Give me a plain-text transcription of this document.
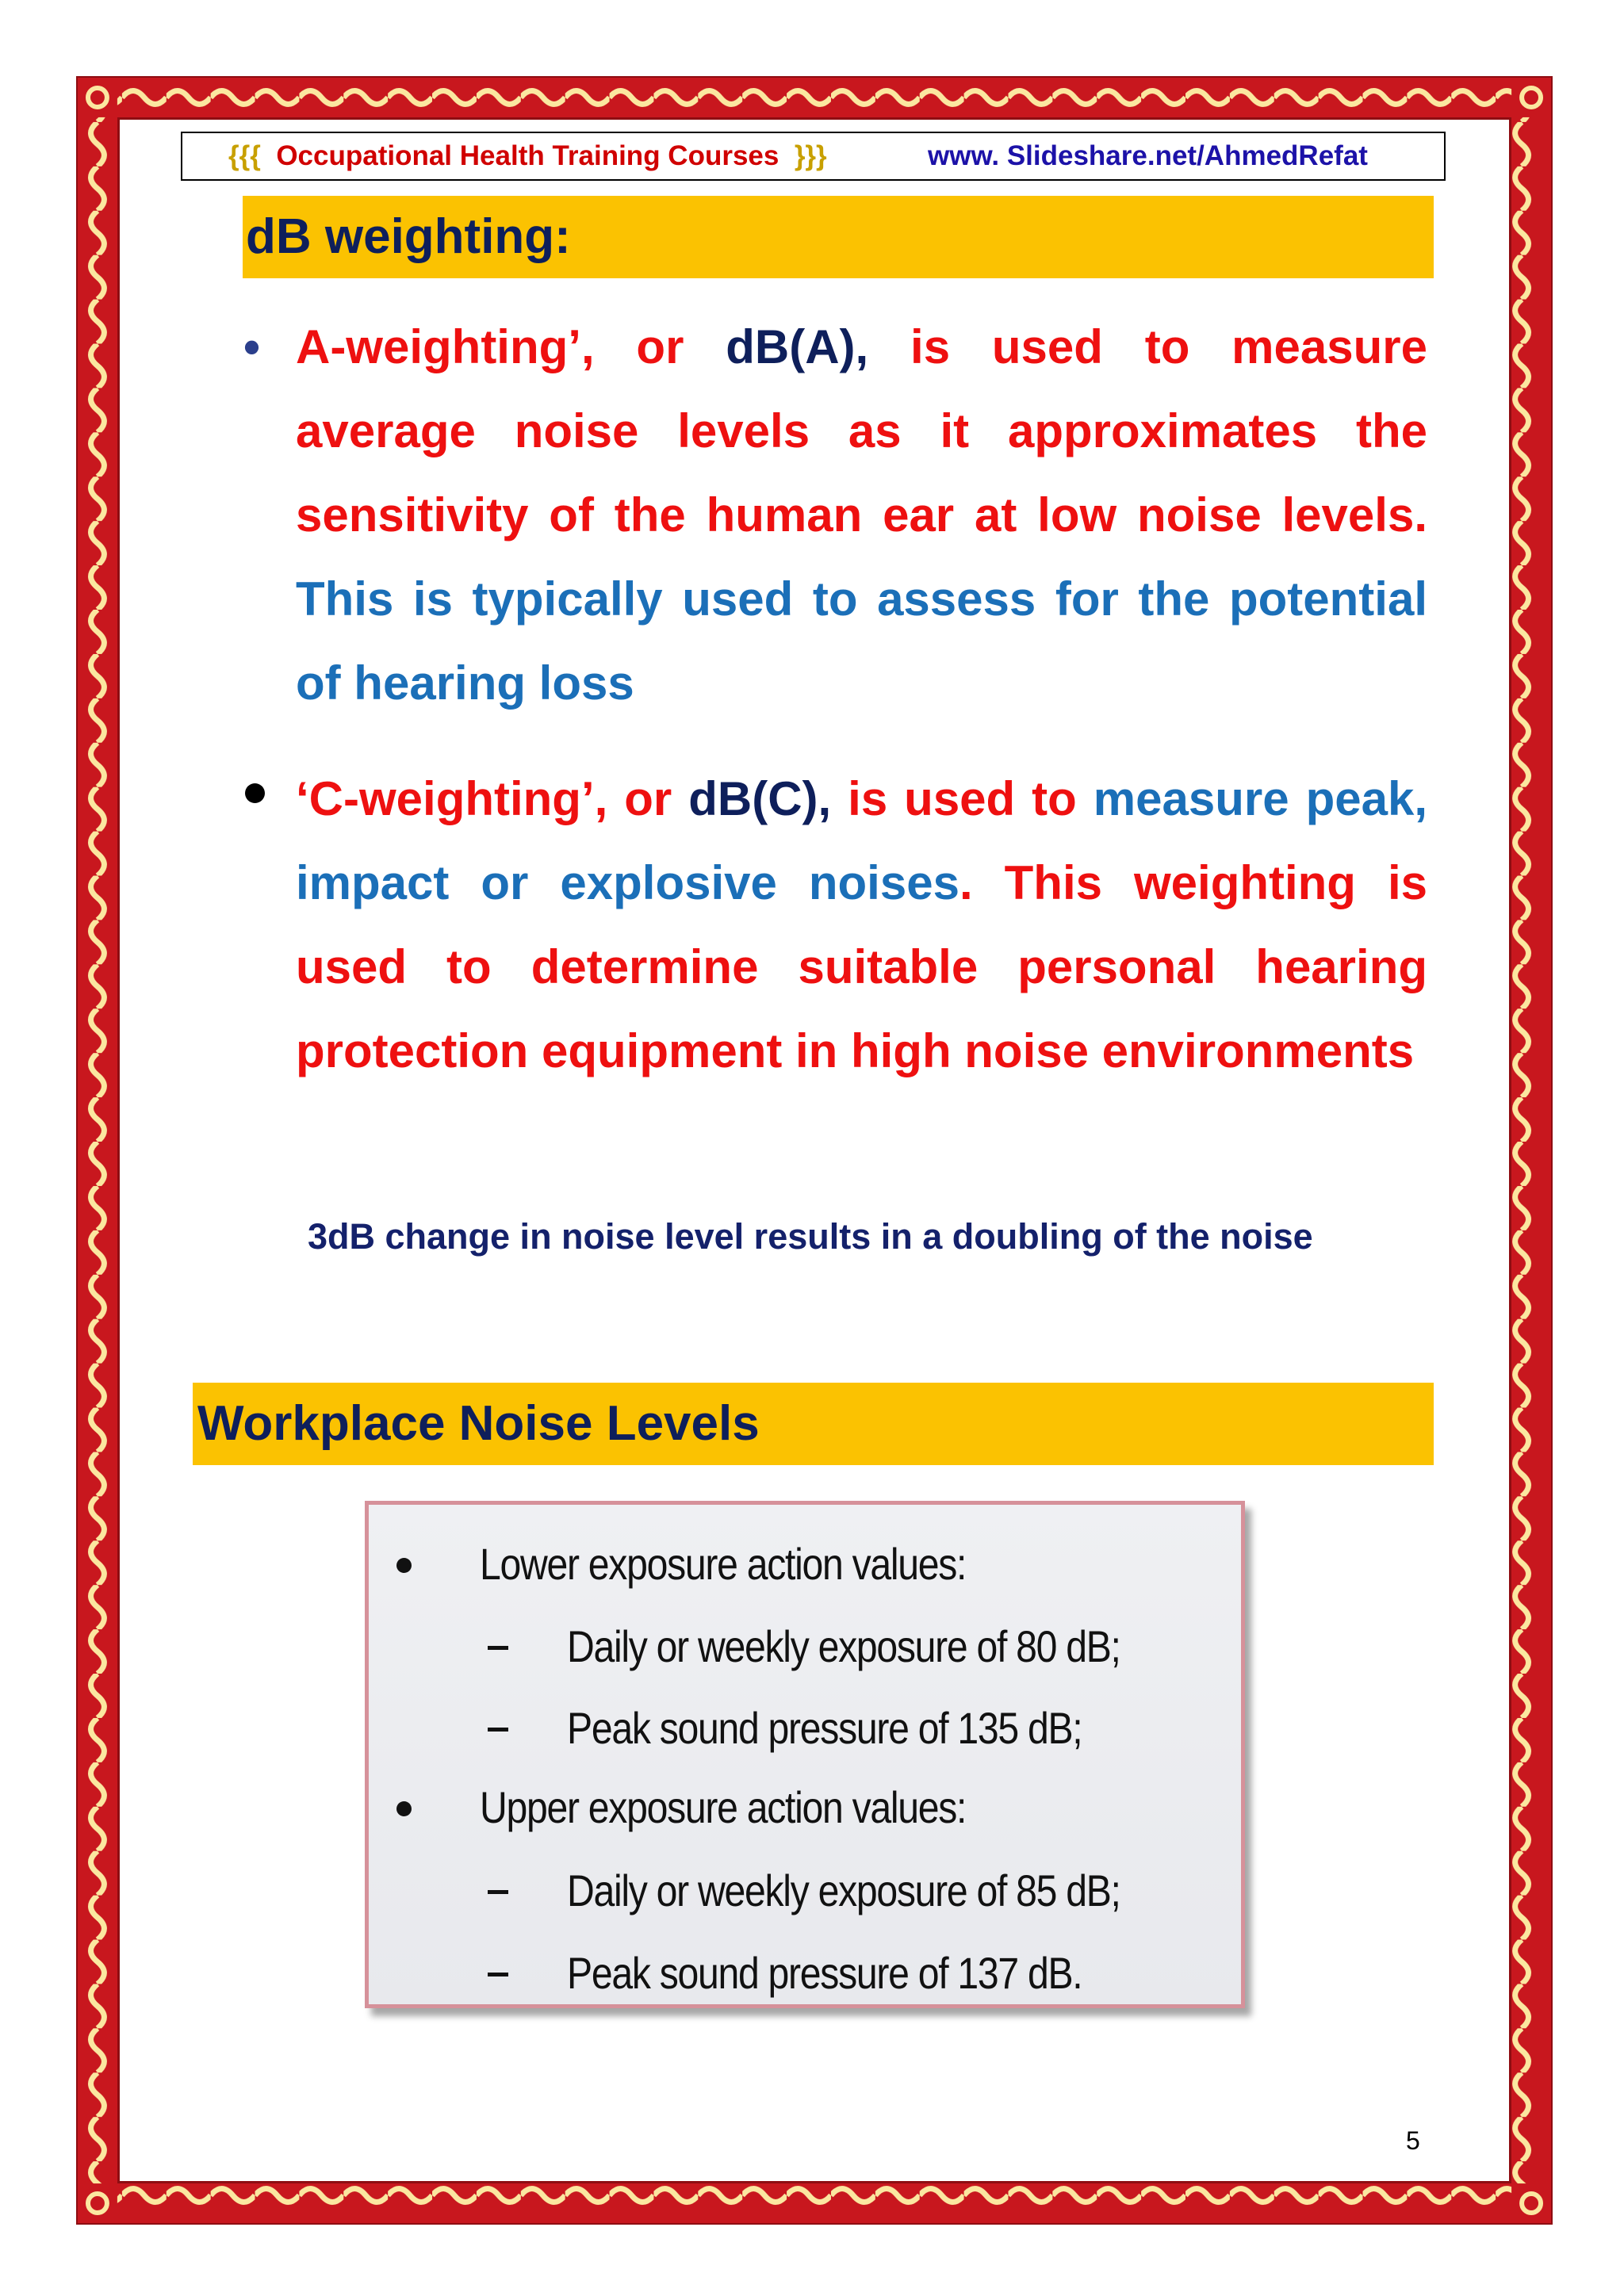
{{{ Occupational Health Training Courses }}}	www. Slideshare.net/AhmedRefat
dB weighting:
• A-weighting’, or dB(A), is used to measure average noise levels as it approximates the sensitivity of the human ear at low noise levels. This is typically used to assess for the potential of hearing loss
‘C-weighting’, or dB(C), is used to measure peak, impact or explosive noises. This weighting is used to determine suitable personal hearing protection equipment in high noise environments
3dB change in noise level results in a doubling of the noise
Workplace Noise Levels
Lower exposure action values:
Daily or weekly exposure of 80 dB;
Peak sound pressure of 135 dB;
Upper exposure action values:
Daily or weekly exposure of 85 dB;
Peak sound pressure of 137 dB.
5
